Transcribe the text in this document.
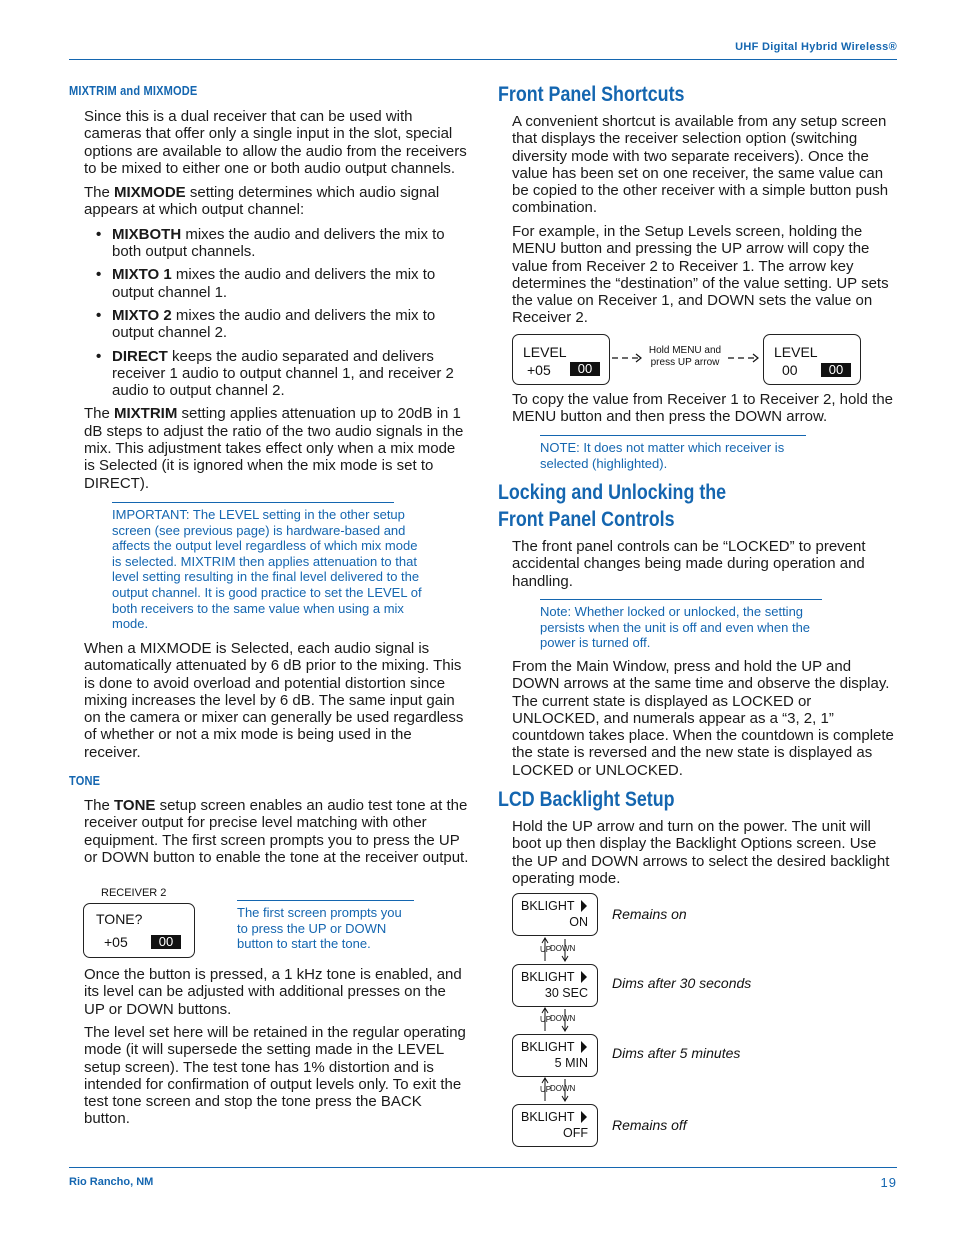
UHF Digital Hybrid Wireless®
Rio Rancho, NM	19
MIXTRIM and MIXMODE

Since this is a dual receiver that can be used with cameras that offer only a single input in the slot, special options are available to allow the audio from the receivers to be mixed to either one or both audio output channels.

The MIXMODE setting determines which audio signal appears at which output channel:

• MIXBOTH mixes the audio and delivers the mix to both output channels.
• MIXTO 1 mixes the audio and delivers the mix to output channel 1.
• MIXTO 2 mixes the audio and delivers the mix to output channel 2.
• DIRECT keeps the audio separated and delivers receiver 1 audio to output channel 1, and receiver 2 audio to output channel 2.

The MIXTRIM setting applies attenuation up to 20dB in 1 dB steps to adjust the ratio of the two audio signals in the mix. This adjustment takes effect only when a mix mode is Selected (it is ignored when the mix mode is set to DIRECT).

IMPORTANT: The LEVEL setting in the other setup screen (see previous page) is hardware-based and affects the output level regardless of which mix mode is selected. MIXTRIM then applies attenuation to that level setting resulting in the final level delivered to the output channel. It is good practice to set the LEVEL of both receivers to the same value when using a mix mode.

When a MIXMODE is Selected, each audio signal is automatically attenuated by 6 dB prior to the mixing. This is done to avoid overload and potential distortion since mixing increases the level by 6 dB. The same input gain on the camera or mixer can generally be used regardless of whether or not a mix mode is being used in the receiver.

TONE

The TONE setup screen enables an audio test tone at the receiver output for precise level matching with other equipment. The first screen prompts you to press the UP or DOWN button to enable the tone at the receiver output.

RECEIVER 2
TONE?
+05	00
The first screen prompts you to press the UP or DOWN button to start the tone.

Once the button is pressed, a 1 kHz tone is enabled, and its level can be adjusted with additional presses on the UP or DOWN buttons.

The level set here will be retained in the regular operating mode (it will supersede the setting made in the LEVEL setup screen). The test tone has 1% distortion and is intended for confirmation of output levels only. To exit the test tone screen and stop the tone press the BACK button.

Front Panel Shortcuts

A convenient shortcut is available from any setup screen that displays the receiver selection option (switching diversity mode with two separate receivers). Once the value has been set on one receiver, the same value can be copied to the other receiver with a simple button push combination.

For example, in the Setup Levels screen, holding the MENU button and pressing the UP arrow will copy the value from Receiver 2 to Receiver 1. The arrow key determines the “destination” of the value setting. UP sets the value on Receiver 1, and DOWN sets the value on Receiver 2.

LEVEL
+05	00
Hold MENU and press UP arrow
LEVEL
00	00

To copy the value from Receiver 1 to Receiver 2, hold the MENU button and then press the DOWN arrow.

NOTE: It does not matter which receiver is selected (highlighted).
Locking and Unlocking the
Front Panel Controls

The front panel controls can be “LOCKED” to prevent accidental changes being made during operation and handling.

Note: Whether locked or unlocked, the setting persists when the unit is off and even when the power is turned off.

From the Main Window, press and hold the UP and DOWN arrows at the same time and observe the display. The current state is displayed as LOCKED or UNLOCKED, and numerals appear as a “3, 2, 1” countdown takes place. When the countdown is complete the state is reversed and the new state is displayed as LOCKED or UNLOCKED.

LCD Backlight Setup

Hold the UP arrow and turn on the power. The unit will boot up then display the Backlight Options screen. Use the UP and DOWN arrows to select the desired backlight operating mode.

BKLIGHT
ON Remains on
BKLIGHT
30 SEC
Dims after 30 seconds
BKLIGHT
5 MIN
Dims after 5 minutes
BKLIGHT
OFF Remains off
UP
DOWN
UP
DOWN
UP
DOWN
